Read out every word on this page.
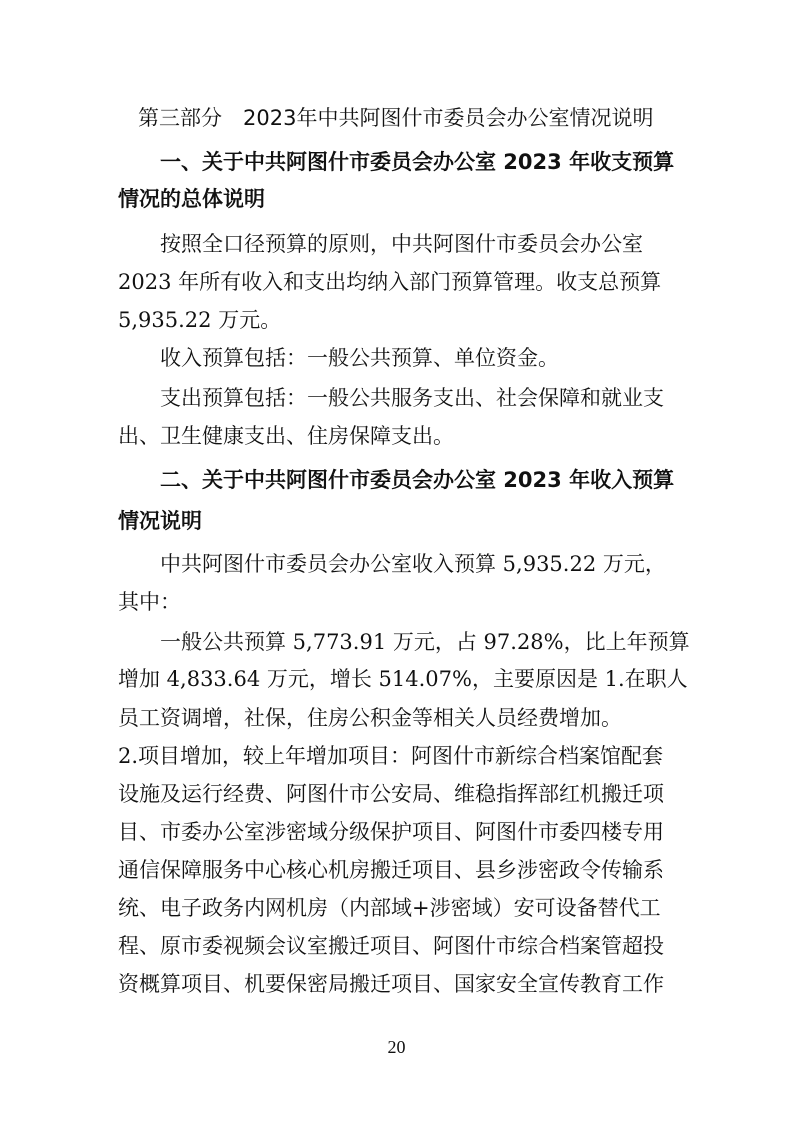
第三部分　2023年中共阿图什市委员会办公室情况说明
一、关于中共阿图什市委员会办公室 2023 年收支预算
情况的总体说明
按照全口径预算的原则，中共阿图什市委员会办公室
2023 年所有收入和支出均纳入部门预算管理。收支总预算
5,935.22 万元。
收入预算包括：一般公共预算、单位资金。
支出预算包括：一般公共服务支出、社会保障和就业支
出、卫生健康支出、住房保障支出。
二、关于中共阿图什市委员会办公室 2023 年收入预算
情况说明
中共阿图什市委员会办公室收入预算 5,935.22 万元，
其中：
一般公共预算 5,773.91 万元，占 97.28%，比上年预算
增加 4,833.64 万元，增长 514.07%，主要原因是 1.在职人
员工资调增，社保，住房公积金等相关人员经费增加。
2.项目增加，较上年增加项目：阿图什市新综合档案馆配套
设施及运行经费、阿图什市公安局、维稳指挥部红机搬迁项
目、市委办公室涉密域分级保护项目、阿图什市委四楼专用
通信保障服务中心核心机房搬迁项目、县乡涉密政令传输系
统、电子政务内网机房（内部域+涉密域）安可设备替代工
程、原市委视频会议室搬迁项目、阿图什市综合档案管超投
资概算项目、机要保密局搬迁项目、国家安全宣传教育工作
20
